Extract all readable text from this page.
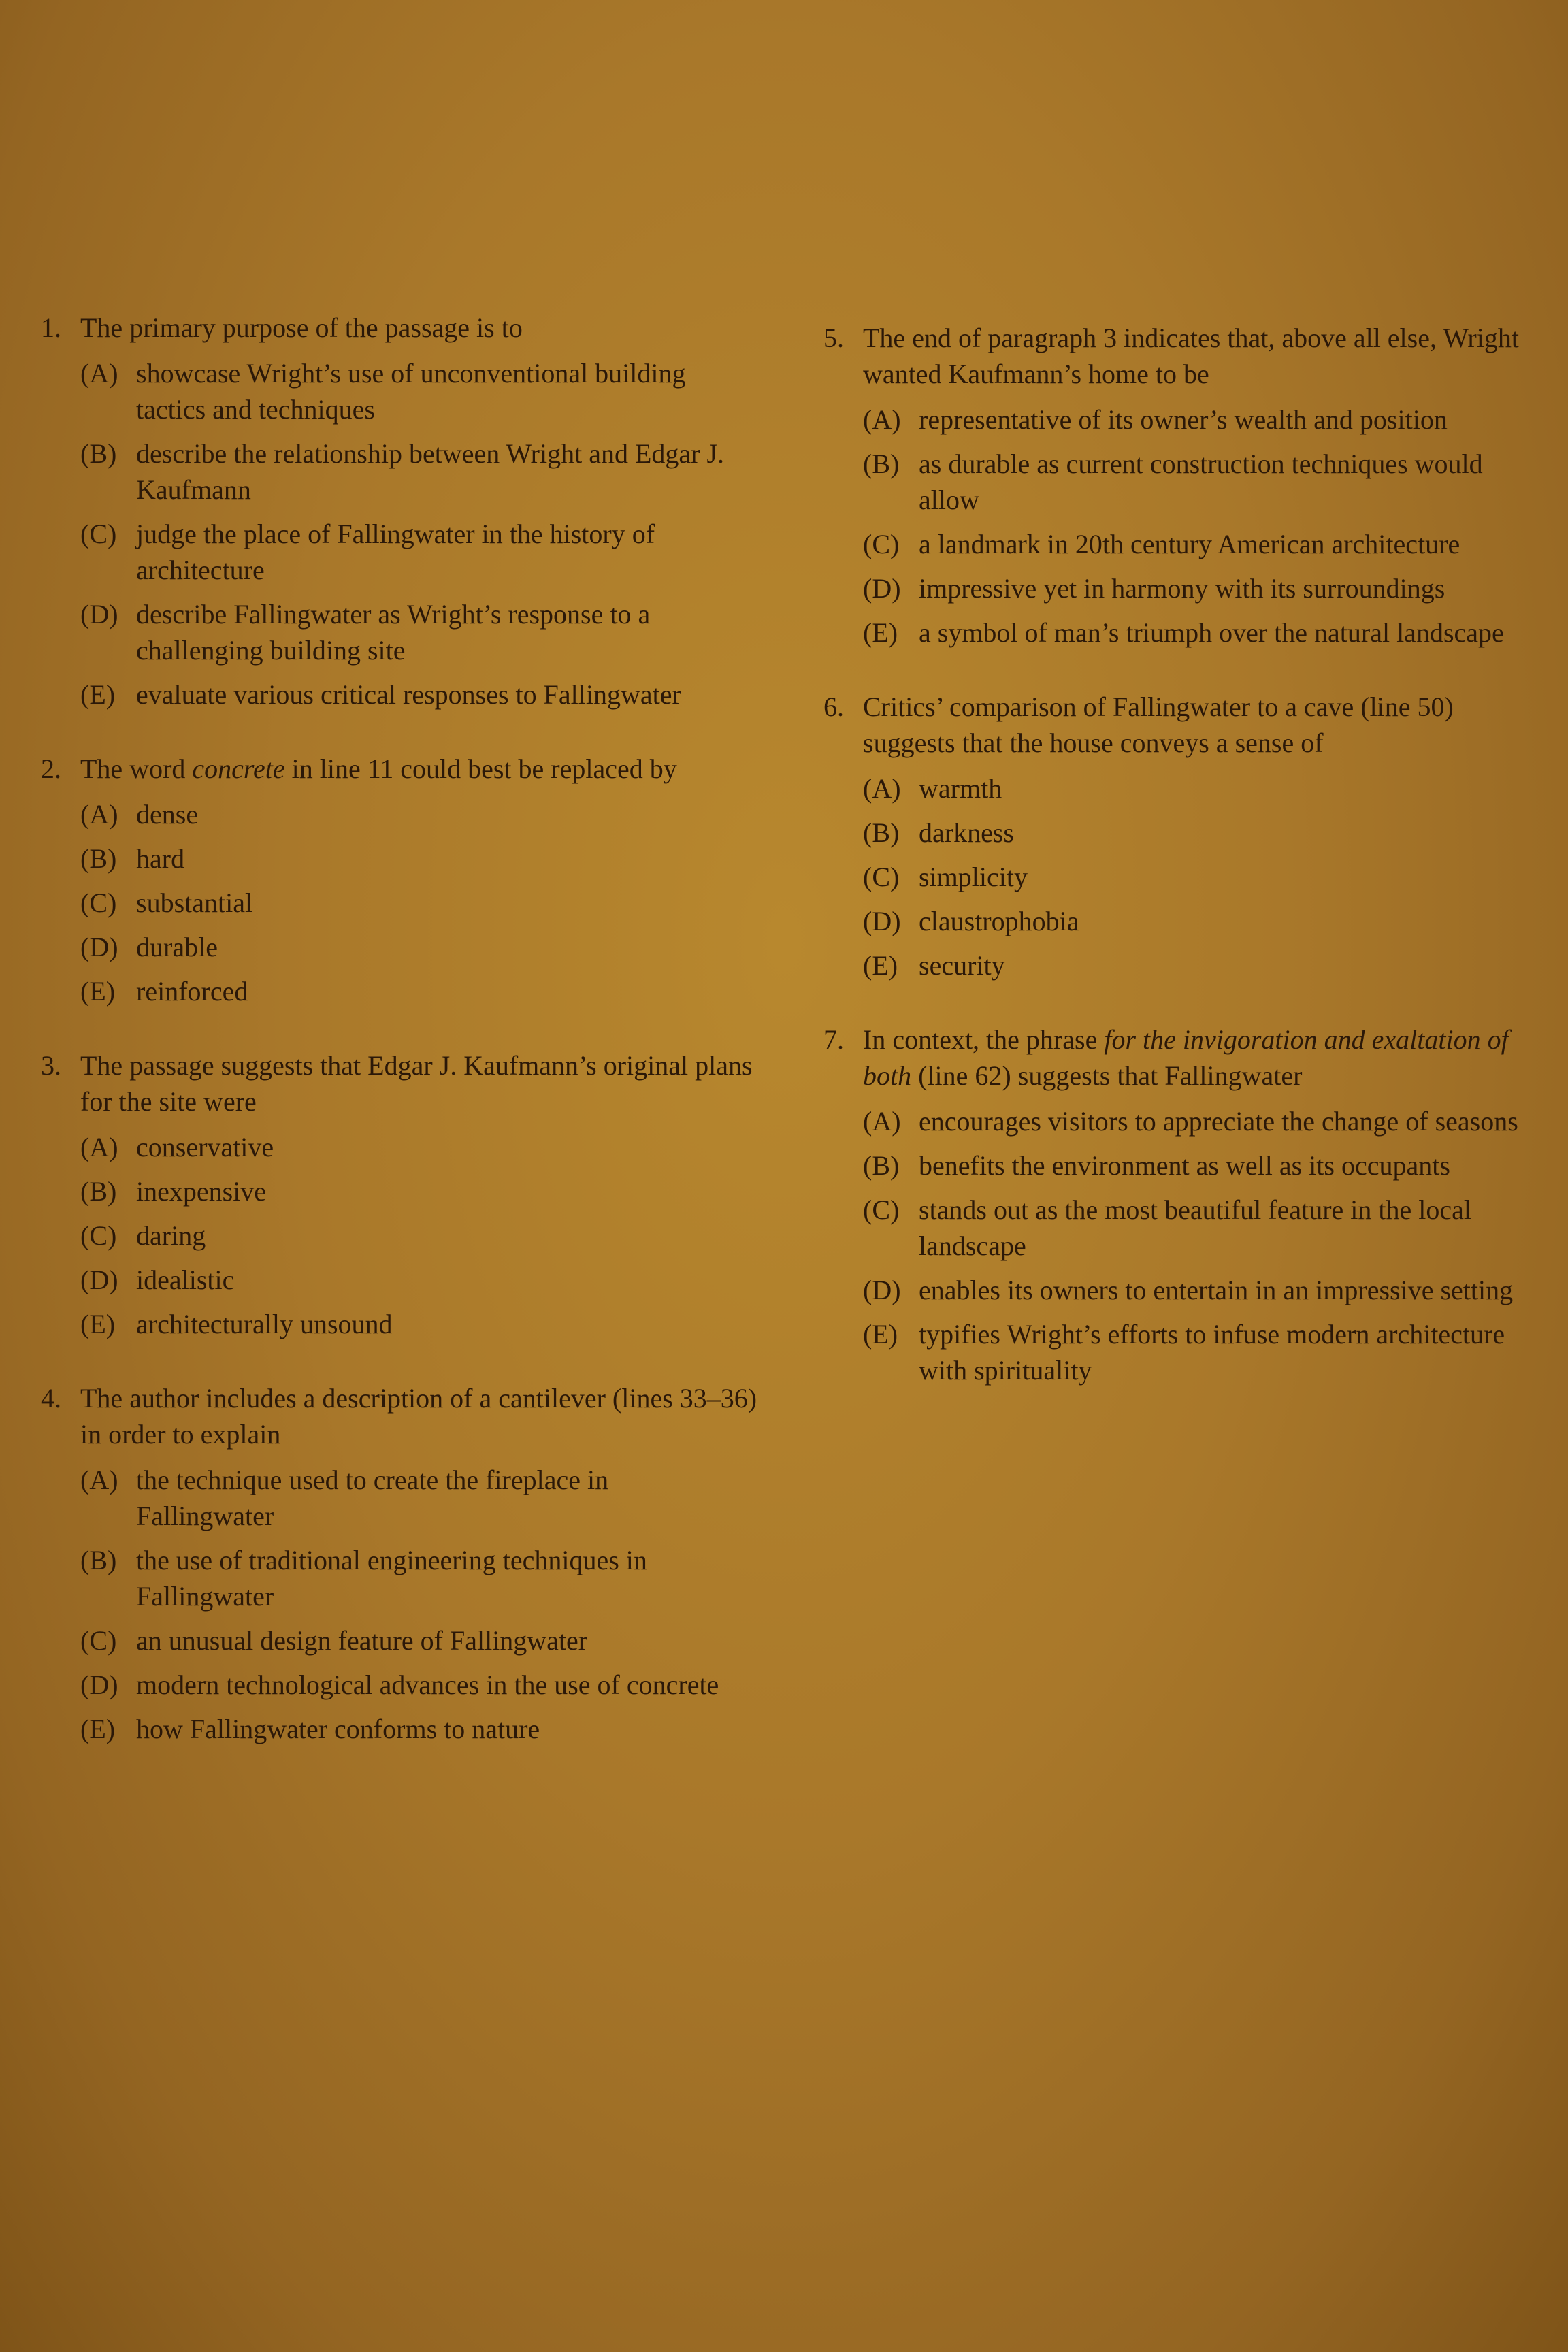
1. The primary purpose of the passage is to
(A) showcase Wright’s use of unconventional building tactics and techniques
(B) describe the relationship between Wright and Edgar J. Kaufmann
(C) judge the place of Fallingwater in the history of architecture
(D) describe Fallingwater as Wright’s response to a challenging building site
(E) evaluate various critical responses to Fallingwater
2. The word concrete in line 11 could best be replaced by
(A) dense
(B) hard
(C) substantial
(D) durable
(E) reinforced
3. The passage suggests that Edgar J. Kaufmann’s original plans for the site were
(A) conservative
(B) inexpensive
(C) daring
(D) idealistic
(E) architecturally unsound
4. The author includes a description of a cantilever (lines 33–36) in order to explain
(A) the technique used to create the fireplace in Fallingwater
(B) the use of traditional engineering techniques in Fallingwater
(C) an unusual design feature of Fallingwater
(D) modern technological advances in the use of concrete
(E) how Fallingwater conforms to nature
5. The end of paragraph 3 indicates that, above all else, Wright wanted Kaufmann’s home to be
(A) representative of its owner’s wealth and position
(B) as durable as current construction techniques would allow
(C) a landmark in 20th century American architecture
(D) impressive yet in harmony with its surroundings
(E) a symbol of man’s triumph over the natural landscape
6. Critics’ comparison of Fallingwater to a cave (line 50) suggests that the house conveys a sense of
(A) warmth
(B) darkness
(C) simplicity
(D) claustrophobia
(E) security
7. In context, the phrase for the invigoration and exaltation of both (line 62) suggests that Fallingwater
(A) encourages visitors to appreciate the change of seasons
(B) benefits the environment as well as its occupants
(C) stands out as the most beautiful feature in the local landscape
(D) enables its owners to entertain in an impressive setting
(E) typifies Wright’s efforts to infuse modern architecture with spirituality
